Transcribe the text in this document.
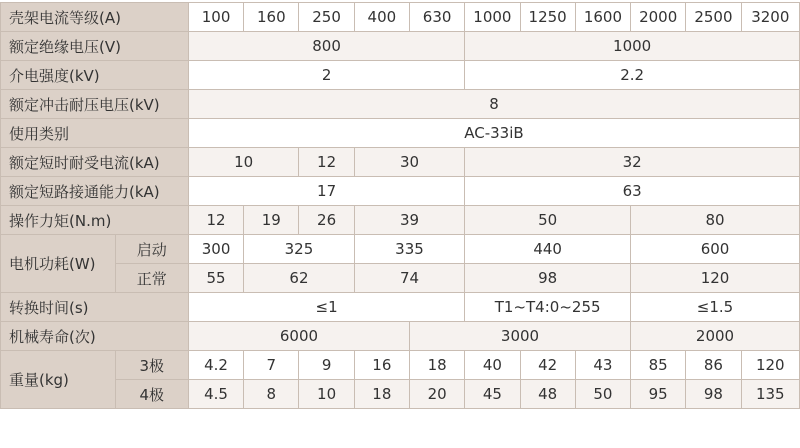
壳架电流等级(A)		100	160	250	400	630	1000	1250	1600	2000	2500	3200
额定绝缘电压(V)		800					1000					
介电强度(kV)		2					2.2					
额定冲击耐压电压(kV)		8										
使用类别		AC-33iB										
额定短时耐受电流(kA)		10		12	30		32					
额定短路接通能力(kA)		17					63					
操作力矩(N.m)		12	19	26	39		50			80		
电机功耗(W)	启动	300	325		335		440			600		
	正常	55	62		74		98			120		
转换时间(s)		≤1					T1~T4:0~255			≤1.5		
机械寿命(次)		6000				3000				2000		
重量(kg)	3极	4.2	7	9	16	18	40	42	43	85	86	120
	4极	4.5	8	10	18	20	45	48	50	95	98	135
